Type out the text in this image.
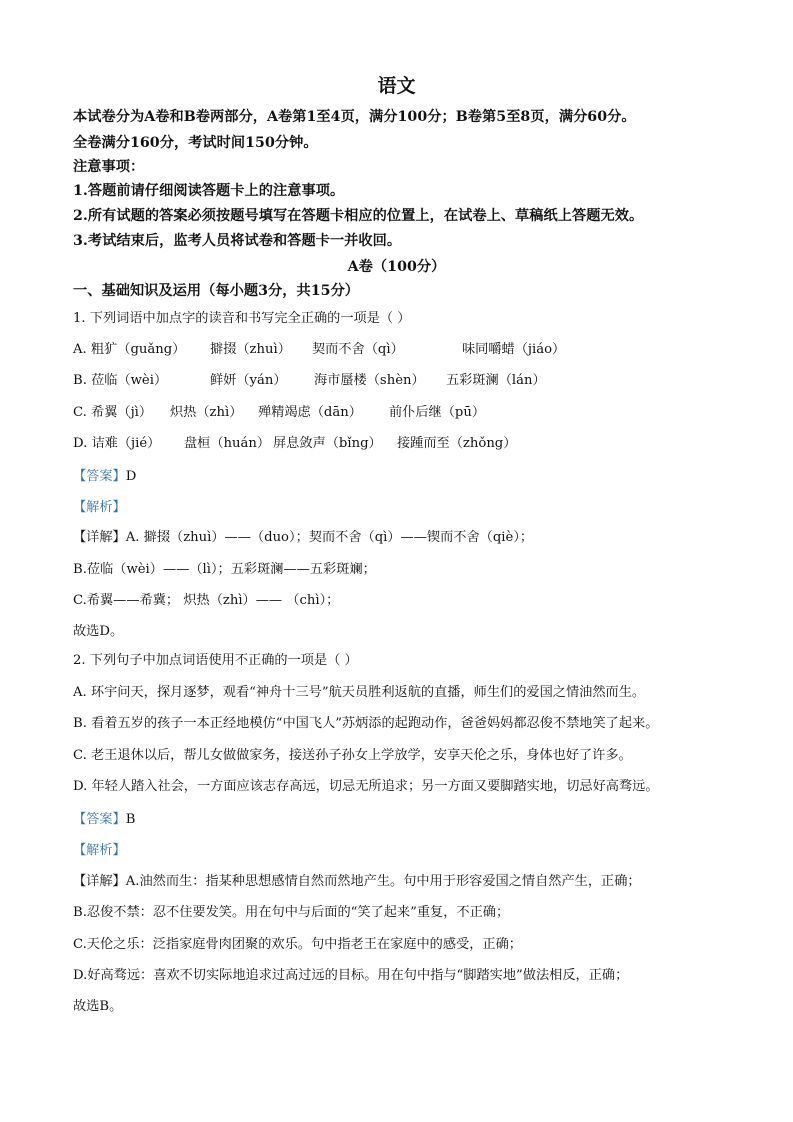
语文
本试卷分为A卷和B卷两部分，A卷第1至4页，满分100分；B卷第5至8页，满分60分。
全卷满分160分，考试时间150分钟。
注意事项：
1.答题前请仔细阅读答题卡上的注意事项。
2.所有试题的答案必须按题号填写在答题卡相应的位置上，在试卷上、草稿纸上答题无效。
3.考试结束后，监考人员将试卷和答题卡一并收回。
A卷（100分）
一、基础知识及运用（每小题3分，共15分）
1. 下列词语中加点字的读音和书写完全正确的一项是（ ）
A. 粗犷（guǎng） 擗掇（zhuì） 契而不舍（qì）	味同嚼蜡（jiáo）
B. 莅临（wèi）	鲜妍（yán） 海市蜃楼（shèn） 五彩斑澜（lán）
C. 希翼（jì） 炽热（zhì） 殚精竭虑（dān） 前仆后继（pū）
D. 诘难（jié） 盘桓（huán） 屏息敛声（bǐng） 接踵而至（zhǒng）
【答案】D
【解析】
【详解】A. 擗掇（zhuì）——（duo）；契而不舍（qì）——锲而不舍（qiè）；
B.莅临（wèi）——（lì）；五彩斑澜——五彩斑斓；
C.希翼——希冀； 炽热（zhì）—— （chì）；
故选D。
2. 下列句子中加点词语使用不正确的一项是（ ）
A. 环宇问天，探月逐梦，观看“神舟十三号”航天员胜利返航的直播，师生们的爱国之情油然而生。
B. 看着五岁的孩子一本正经地模仿“中国飞人”苏炳添的起跑动作，爸爸妈妈都忍俊不禁地笑了起来。
C. 老王退休以后，帮儿女做做家务，接送孙子孙女上学放学，安享天伦之乐，身体也好了许多。
D. 年轻人踏入社会，一方面应该志存高远，切忌无所追求；另一方面又要脚踏实地，切忌好高骛远。
【答案】B
【解析】
【详解】A.油然而生：指某种思想感情自然而然地产生。句中用于形容爱国之情自然产生，正确；
B.忍俊不禁：忍不住要发笑。用在句中与后面的“笑了起来”重复，不正确；
C.天伦之乐：泛指家庭骨肉团聚的欢乐。句中指老王在家庭中的感受，正确；
D.好高骛远：喜欢不切实际地追求过高过远的目标。用在句中指与“脚踏实地”做法相反，正确；
故选B。
